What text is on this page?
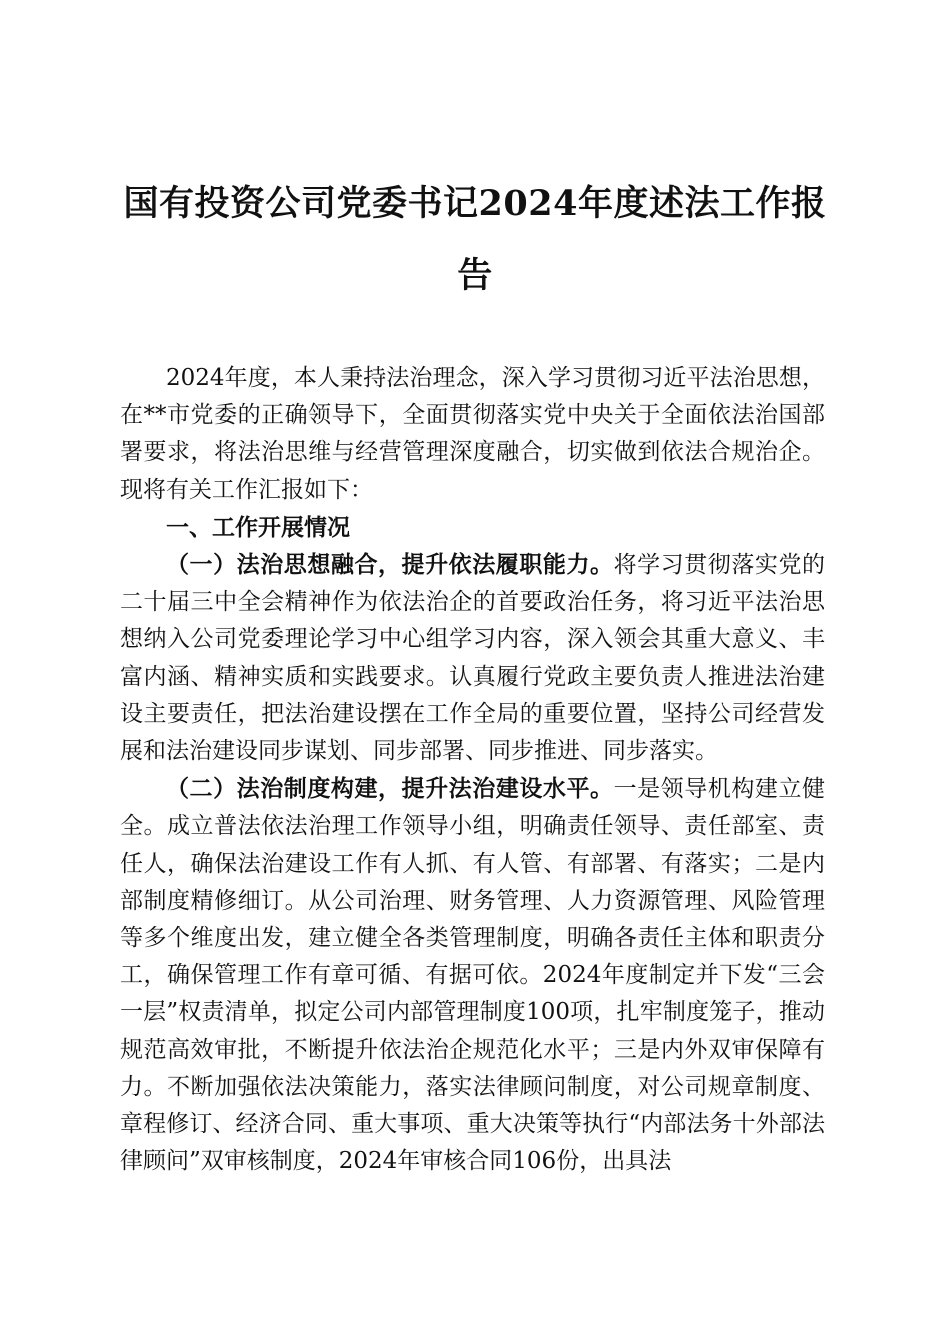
国有投资公司党委书记2024年度述法工作报告

2024年度，本人秉持法治理念，深入学习贯彻习近平法治思想，在**市党委的正确领导下，全面贯彻落实党中央关于全面依法治国部署要求，将法治思维与经营管理深度融合，切实做到依法合规治企。现将有关工作汇报如下：

一、工作开展情况

（一）法治思想融合，提升依法履职能力。将学习贯彻落实党的二十届三中全会精神作为依法治企的首要政治任务，将习近平法治思想纳入公司党委理论学习中心组学习内容，深入领会其重大意义、丰富内涵、精神实质和实践要求。认真履行党政主要负责人推进法治建设主要责任，把法治建设摆在工作全局的重要位置，坚持公司经营发展和法治建设同步谋划、同步部署、同步推进、同步落实。

（二）法治制度构建，提升法治建设水平。一是领导机构建立健全。成立普法依法治理工作领导小组，明确责任领导、责任部室、责任人，确保法治建设工作有人抓、有人管、有部署、有落实；二是内部制度精修细订。从公司治理、财务管理、人力资源管理、风险管理等多个维度出发，建立健全各类管理制度，明确各责任主体和职责分工，确保管理工作有章可循、有据可依。2024年度制定并下发“三会一层”权责清单，拟定公司内部管理制度100项，扎牢制度笼子，推动规范高效审批，不断提升依法治企规范化水平；三是内外双审保障有力。不断加强依法决策能力，落实法律顾问制度，对公司规章制度、章程修订、经济合同、重大事项、重大决策等执行“内部法务十外部法律顾问”双审核制度，2024年审核合同106份，出具法
